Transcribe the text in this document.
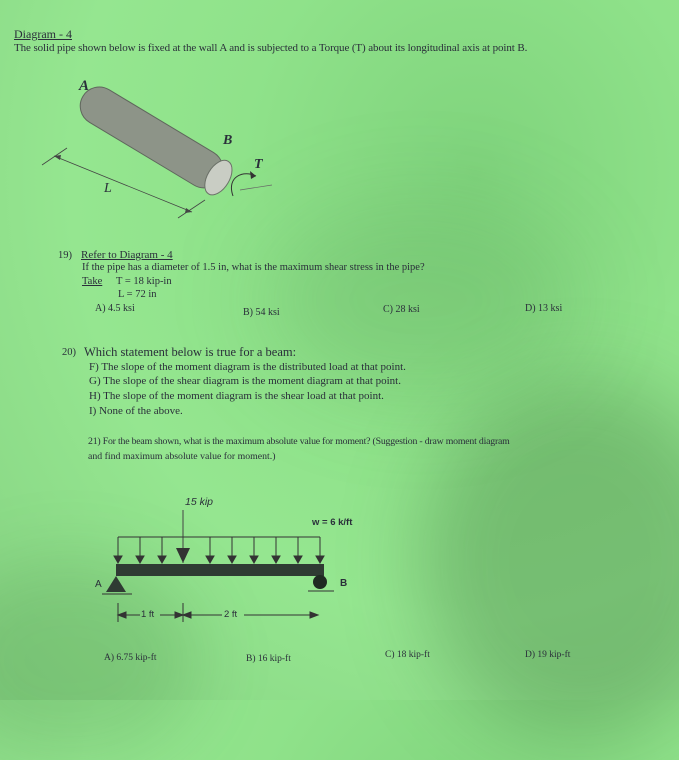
Diagram - 4
The solid pipe shown below is fixed at the wall A and is subjected to a Torque (T) about its longitudinal axis at point B.
A
B
T
L
19) Refer to Diagram - 4
If the pipe has a diameter of 1.5 in, what is the maximum shear stress in the pipe?
Take T = 18 kip-in
L = 72 in
A) 4.5 ksi	B) 54 ksi	C) 28 ksi	D) 13 ksi
20) Which statement below is true for a beam:
F) The slope of the moment diagram is the distributed load at that point.
G) The slope of the shear diagram is the moment diagram at that point.
H) The slope of the moment diagram is the shear load at that point.
I) None of the above.
21) For the beam shown, what is the maximum absolute value for moment? (Suggestion - draw moment diagram
and find maximum absolute value for moment.)
15 kip
w = 6 k/ft
A	B
1 ft	2 ft
A) 6.75 kip-ft	B) 16 kip-ft	C) 18 kip-ft	D) 19 kip-ft
